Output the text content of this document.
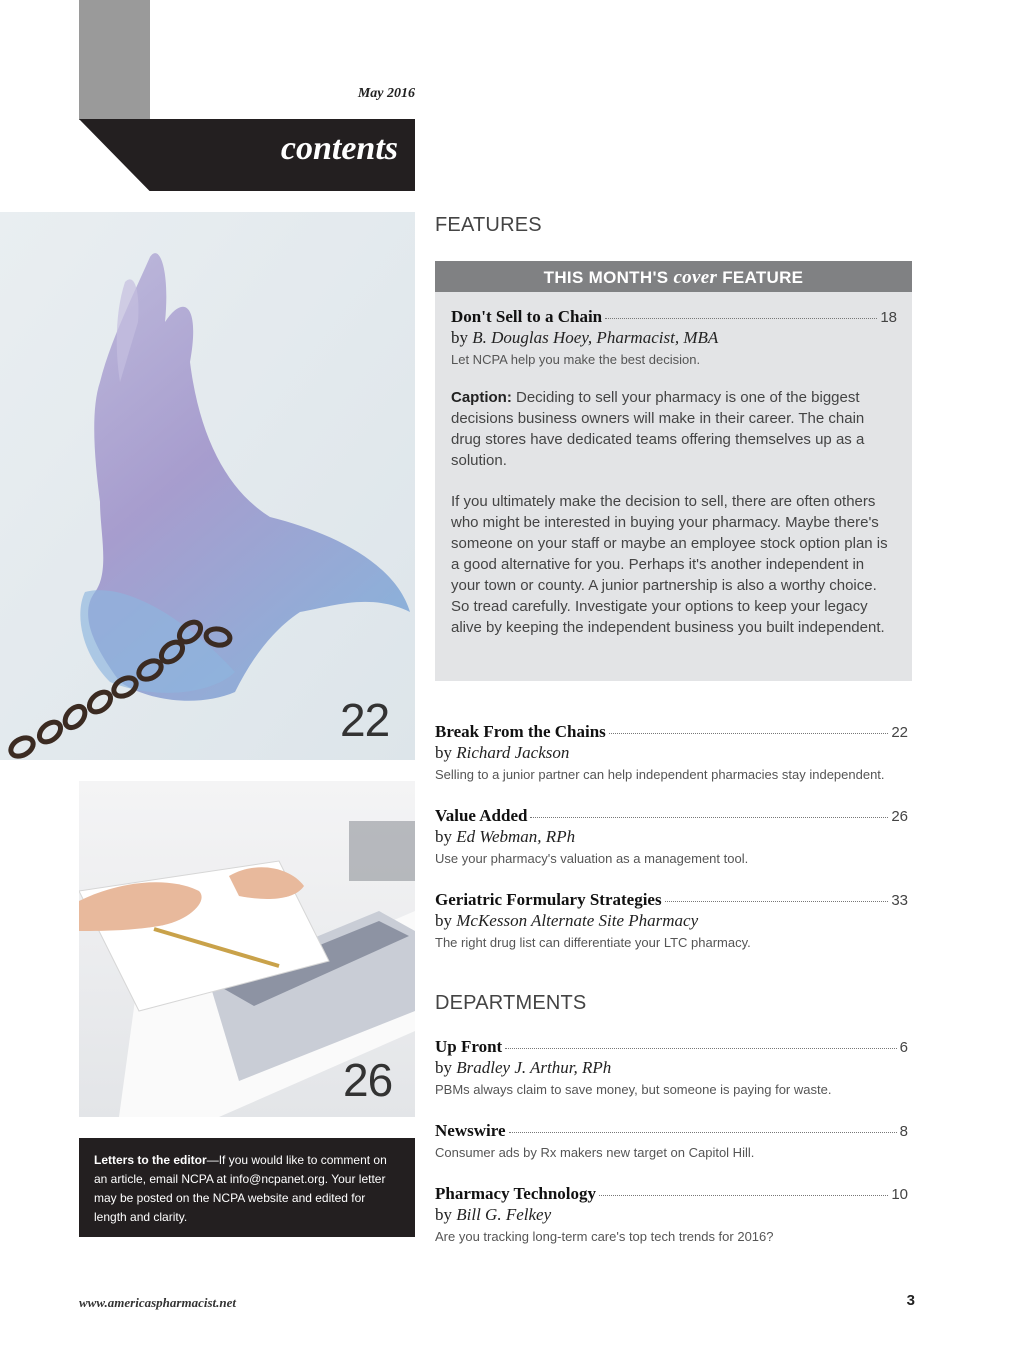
May 2016
contents
22
26
Letters to the editor—If you would like to comment on an article, email NCPA at info@ncpanet.org. Your letter may be posted on the NCPA website and edited for length and clarity.
FEATURES
THIS MONTH'S cover FEATURE
Don't Sell to a Chain	18
by B. Douglas Hoey, Pharmacist, MBA
Let NCPA help you make the best decision.
Caption: Deciding to sell your pharmacy is one of the biggest decisions business owners will make in their career. The chain drug stores have dedicated teams offering themselves up as a solution.
If you ultimately make the decision to sell, there are often others who might be interested in buying your pharmacy. Maybe there's someone on your staff or maybe an employee stock option plan is a good alternative for you. Perhaps it's another independent in your town or county. A junior partnership is also a worthy choice. So tread carefully. Investigate your options to keep your legacy alive by keeping the independent business you built independent.
Break From the Chains	22
by Richard Jackson
Selling to a junior partner can help independent pharmacies stay independent.
Value Added	26
by Ed Webman, RPh
Use your pharmacy's valuation as a management tool.
Geriatric Formulary Strategies	33
by McKesson Alternate Site Pharmacy
The right drug list can differentiate your LTC pharmacy.
DEPARTMENTS
Up Front	6
by Bradley J. Arthur, RPh
PBMs always claim to save money, but someone is paying for waste.
Newswire	8
Consumer ads by Rx makers new target on Capitol Hill.
Pharmacy Technology	10
by Bill G. Felkey
Are you tracking long-term care's top tech trends for 2016?
www.americaspharmacist.net	3
